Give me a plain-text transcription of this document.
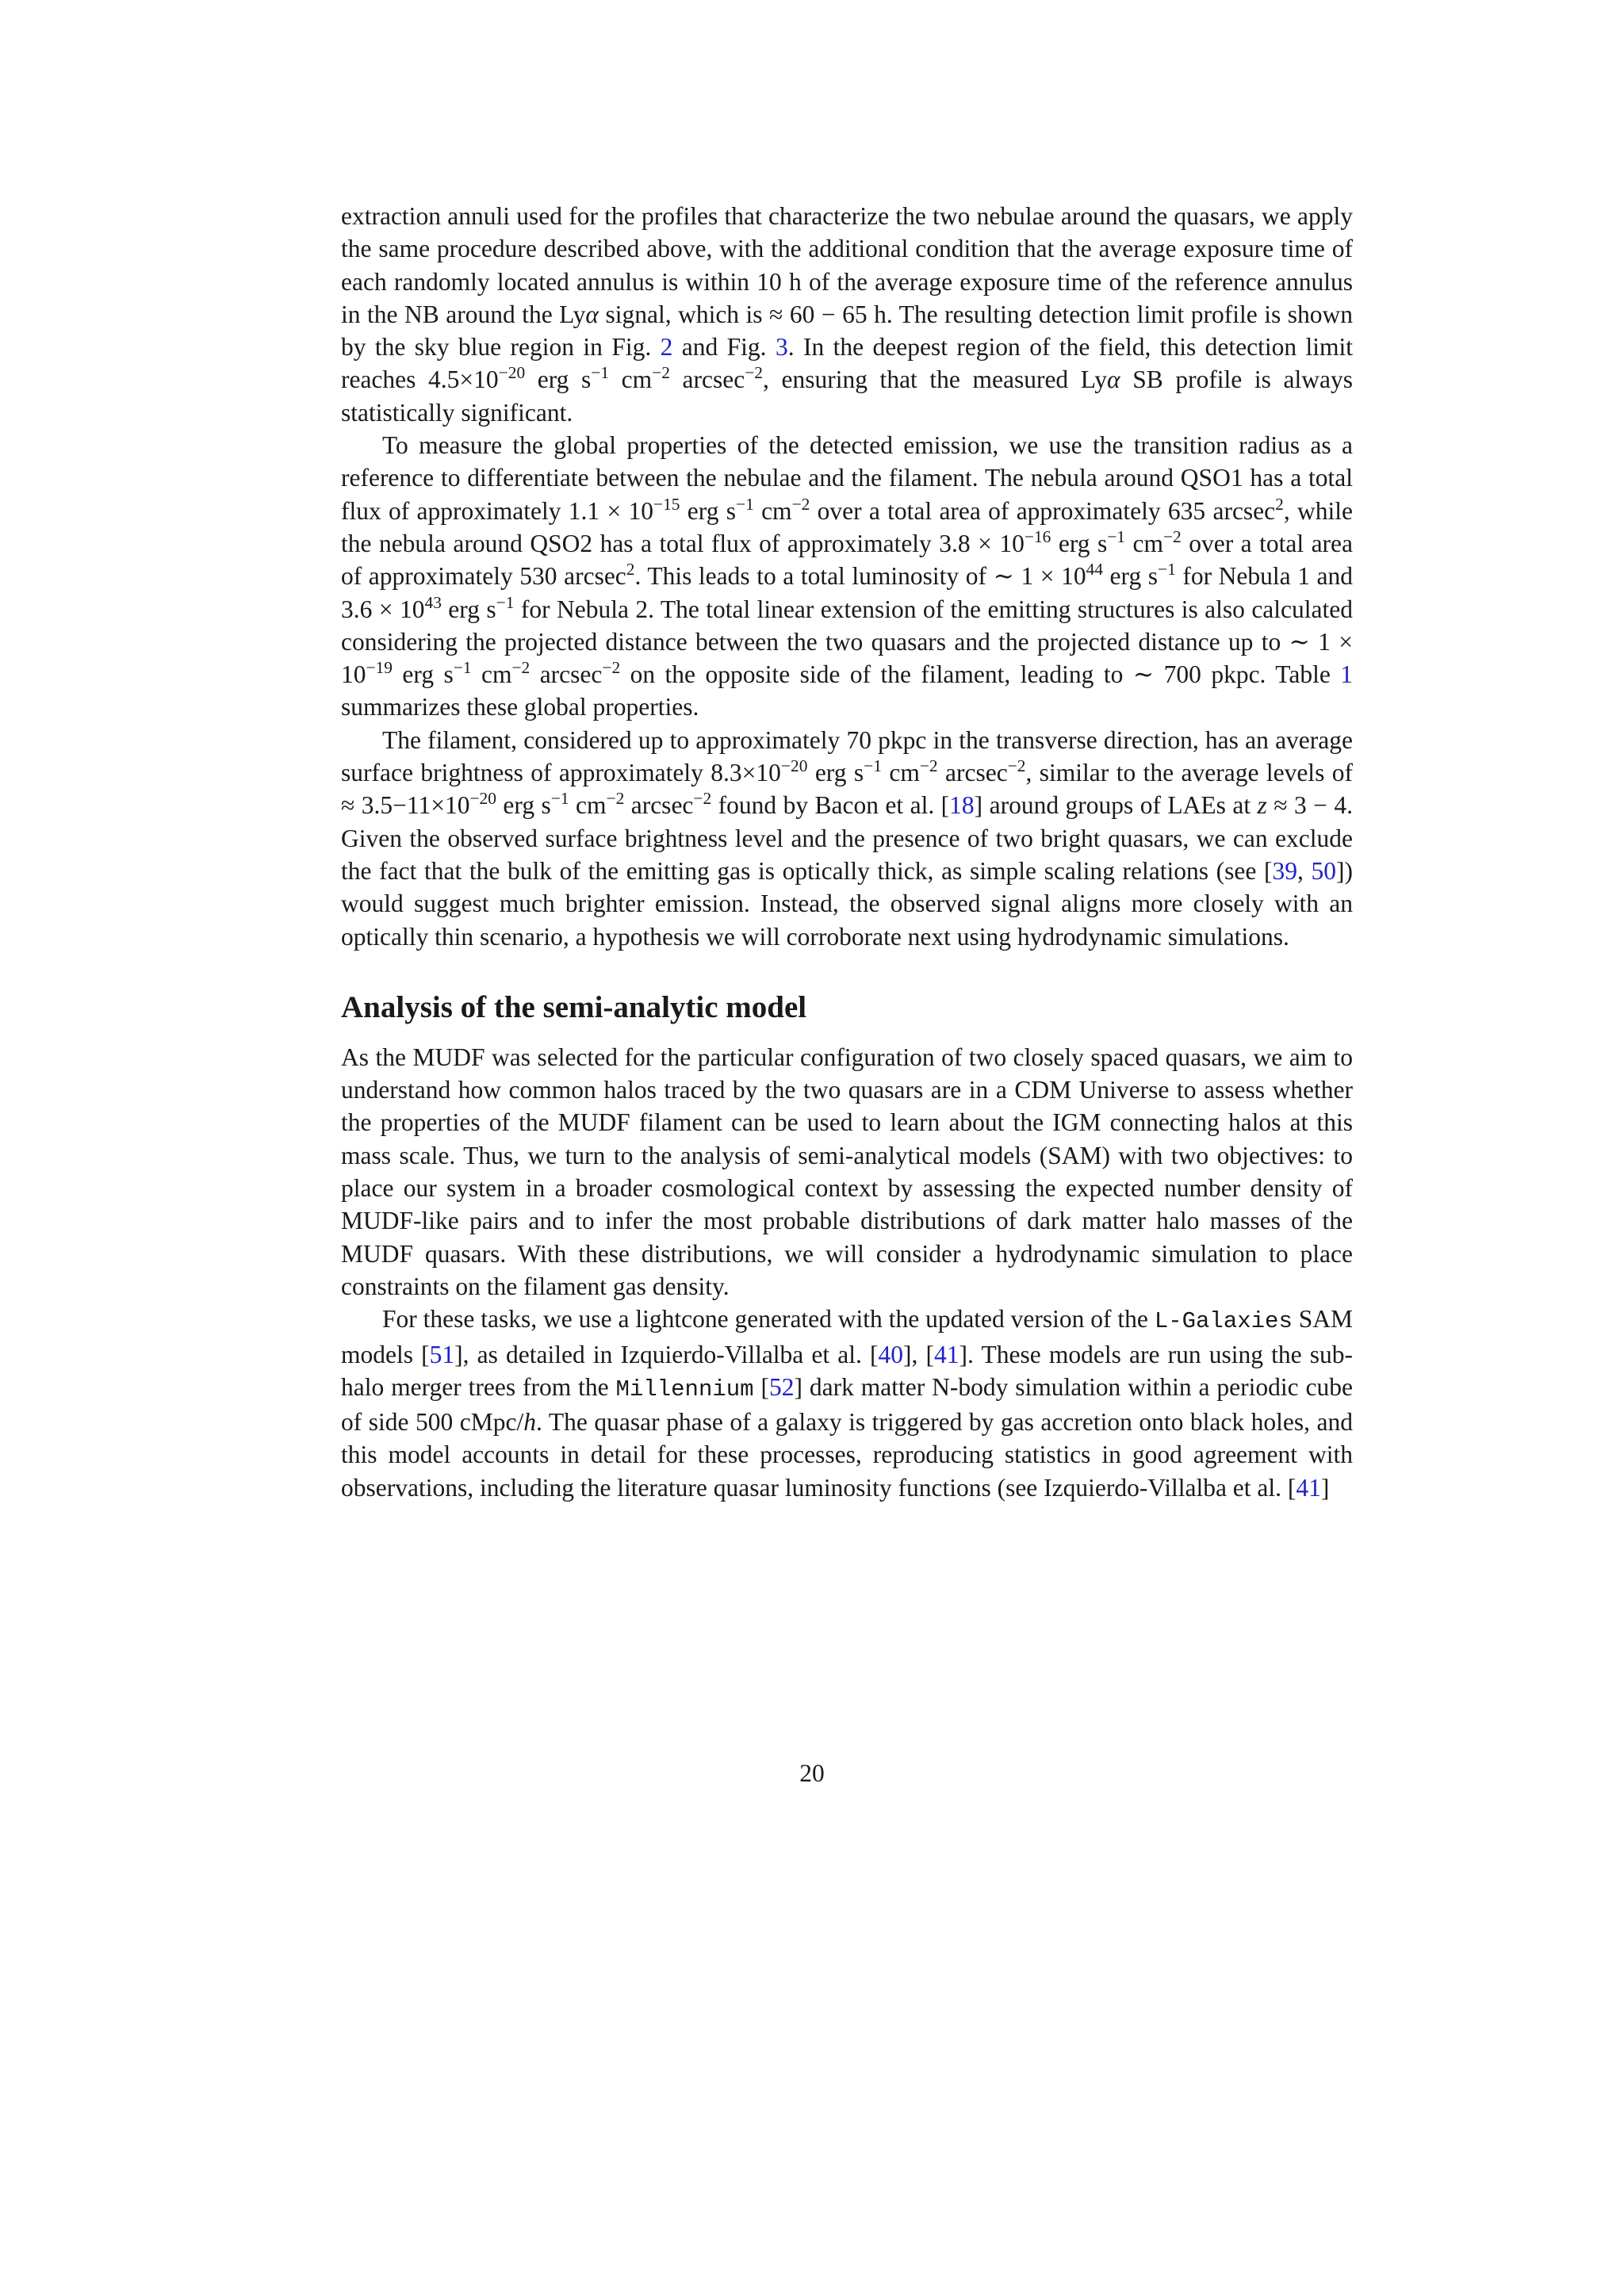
extraction annuli used for the profiles that characterize the two nebulae around the quasars, we apply the same procedure described above, with the additional condition that the average exposure time of each randomly located annulus is within 10 h of the average exposure time of the reference annulus in the NB around the Lyα signal, which is ≈ 60 − 65 h. The resulting detection limit profile is shown by the sky blue region in Fig. 2 and Fig. 3. In the deepest region of the field, this detection limit reaches $4.5\times 10^{-20}$ erg $s^{-1}$ $cm^{-2}$ arcsec$^{-2}$, ensuring that the measured Lyα SB profile is always statistically significant.

To measure the global properties of the detected emission, we use the transition radius as a reference to differentiate between the nebulae and the filament. The nebula around QSO1 has a total flux of approximately $1.1 \times 10^{-15}$ erg $s^{-1}$ $cm^{-2}$ over a total area of approximately 635 arcsec$^2$, while the nebula around QSO2 has a total flux of approximately $3.8 \times 10^{-16}$ erg $s^{-1}$ $cm^{-2}$ over a total area of approximately 530 arcsec$^2$. This leads to a total luminosity of ∼ $1 \times 10^{44}$ erg $s^{-1}$ for Nebula 1 and $3.6 \times 10^{43}$ erg $s^{-1}$ for Nebula 2. The total linear extension of the emitting structures is also calculated considering the projected distance between the two quasars and the projected distance up to ∼ $1 \times 10^{-19}$ erg $s^{-1}$ $cm^{-2}$ arcsec$^{-2}$ on the opposite side of the filament, leading to ∼ 700 pkpc. Table 1 summarizes these global properties.

The filament, considered up to approximately 70 pkpc in the transverse direction, has an average surface brightness of approximately $8.3\times 10^{-20}$ erg $s^{-1}$ $cm^{-2}$ arcsec$^{-2}$, similar to the average levels of ≈ $3.5-11\times 10^{-20}$ erg $s^{-1}$ $cm^{-2}$ arcsec$^{-2}$ found by Bacon et al. [18] around groups of LAEs at z ≈ 3 − 4. Given the observed surface brightness level and the presence of two bright quasars, we can exclude the fact that the bulk of the emitting gas is optically thick, as simple scaling relations (see [39, 50]) would suggest much brighter emission. Instead, the observed signal aligns more closely with an optically thin scenario, a hypothesis we will corroborate next using hydrodynamic simulations.

Analysis of the semi-analytic model

As the MUDF was selected for the particular configuration of two closely spaced quasars, we aim to understand how common halos traced by the two quasars are in a CDM Universe to assess whether the properties of the MUDF filament can be used to learn about the IGM connecting halos at this mass scale. Thus, we turn to the analysis of semi-analytical models (SAM) with two objectives: to place our system in a broader cosmological context by assessing the expected number density of MUDF-like pairs and to infer the most probable distributions of dark matter halo masses of the MUDF quasars. With these distributions, we will consider a hydrodynamic simulation to place constraints on the filament gas density.

For these tasks, we use a lightcone generated with the updated version of the L-Galaxies SAM models [51], as detailed in Izquierdo-Villalba et al. [40], [41]. These models are run using the sub-halo merger trees from the Millennium [52] dark matter N-body simulation within a periodic cube of side 500 cMpc/h. The quasar phase of a galaxy is triggered by gas accretion onto black holes, and this model accounts in detail for these processes, reproducing statistics in good agreement with observations, including the literature quasar luminosity functions (see Izquierdo-Villalba et al. [41]

20
